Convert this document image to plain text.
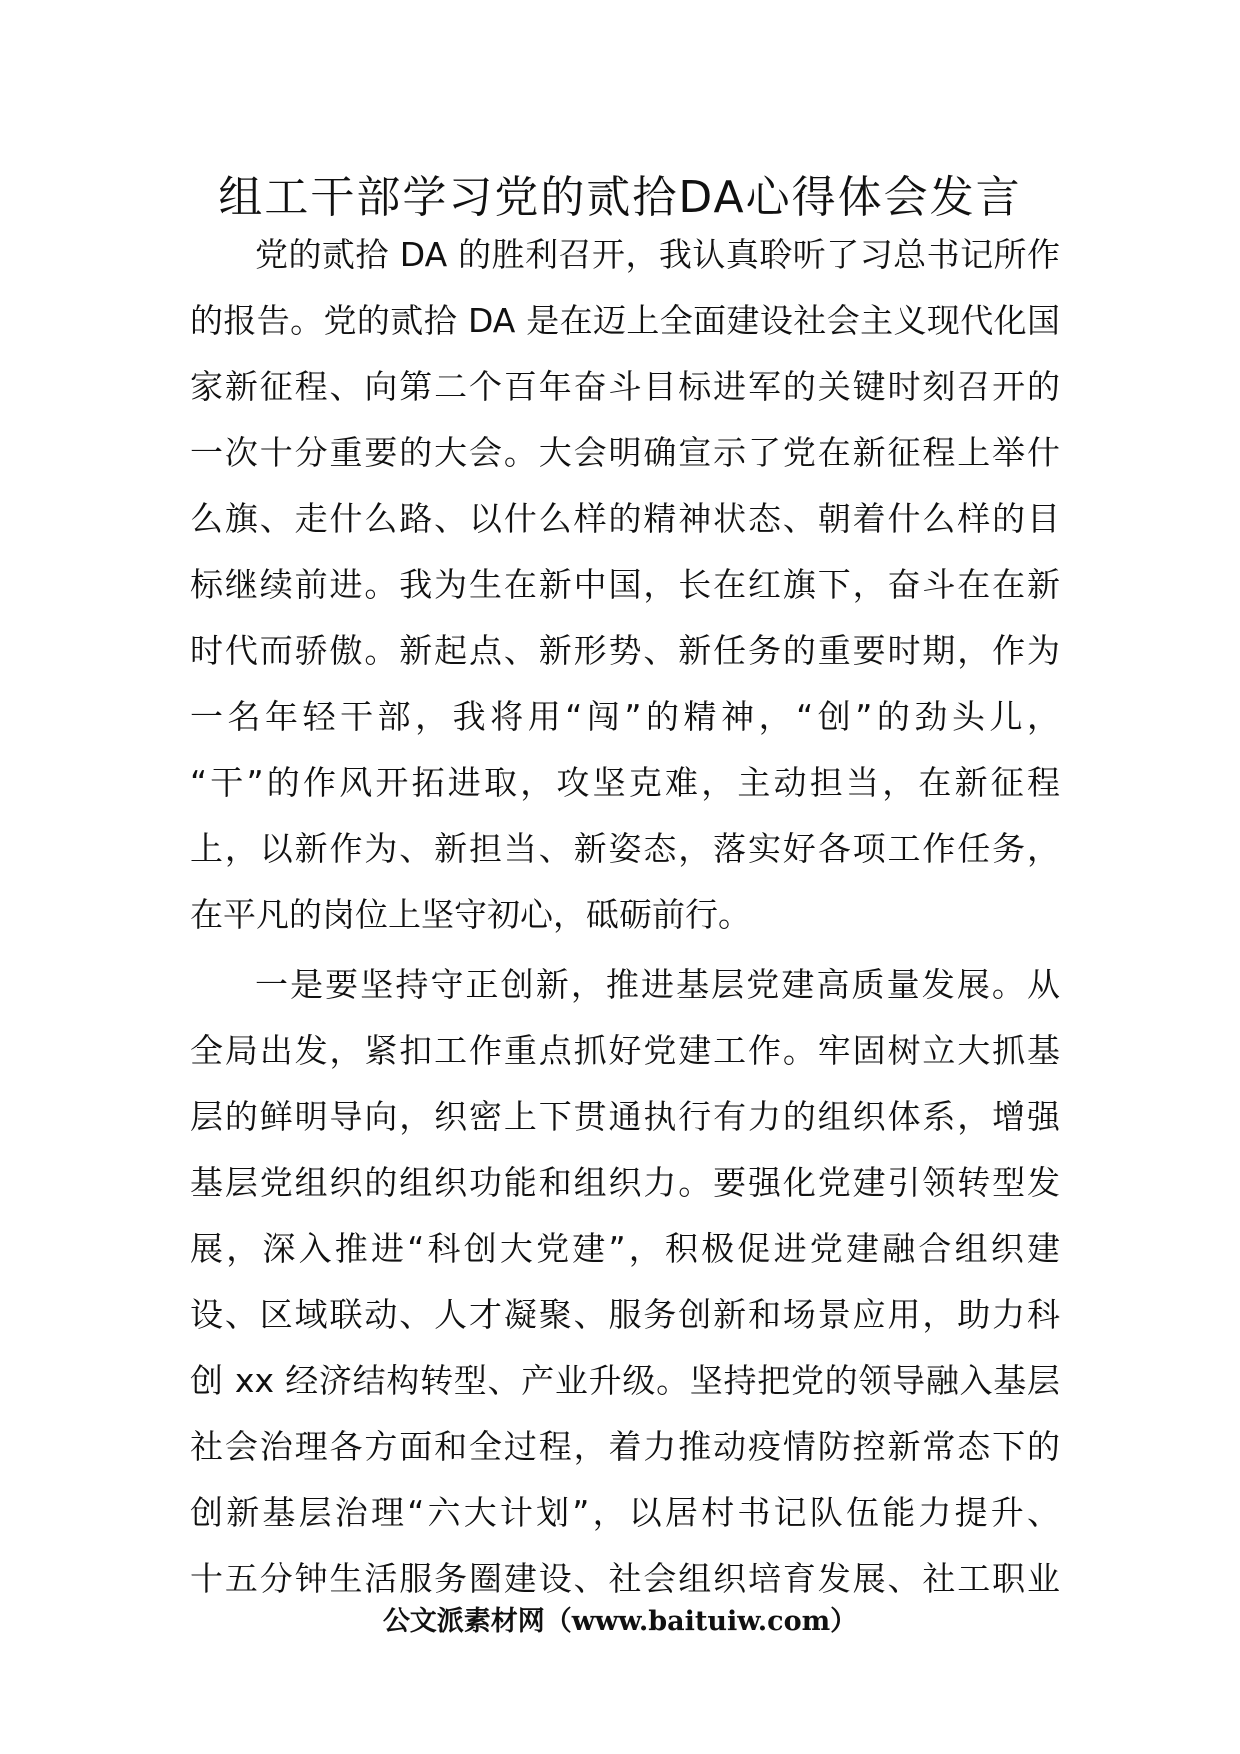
组工干部学习党的贰拾DA心得体会发言
党的贰拾 DA 的胜利召开，我认真聆听了习总书记所作
的报告。党的贰拾 DA 是在迈上全面建设社会主义现代化国
家新征程、向第二个百年奋斗目标进军的关键时刻召开的
一次十分重要的大会。大会明确宣示了党在新征程上举什
么旗、走什么路、以什么样的精神状态、朝着什么样的目
标继续前进。我为生在新中国，长在红旗下，奋斗在在新
时代而骄傲。新起点、新形势、新任务的重要时期，作为
一名年轻干部，我将用“闯”的精神，“创”的劲头儿，
“干”的作风开拓进取，攻坚克难，主动担当，在新征程
上，以新作为、新担当、新姿态，落实好各项工作任务，
在平凡的岗位上坚守初心，砥砺前行。
一是要坚持守正创新，推进基层党建高质量发展。从
全局出发，紧扣工作重点抓好党建工作。牢固树立大抓基
层的鲜明导向，织密上下贯通执行有力的组织体系，增强
基层党组织的组织功能和组织力。要强化党建引领转型发
展，深入推进“科创大党建”，积极促进党建融合组织建
设、区域联动、人才凝聚、服务创新和场景应用，助力科
创 xx 经济结构转型、产业升级。坚持把党的领导融入基层
社会治理各方面和全过程，着力推动疫情防控新常态下的
创新基层治理“六大计划”，以居村书记队伍能力提升、
十五分钟生活服务圈建设、社会组织培育发展、社工职业
公文派素材网（www.baituiw.com）
